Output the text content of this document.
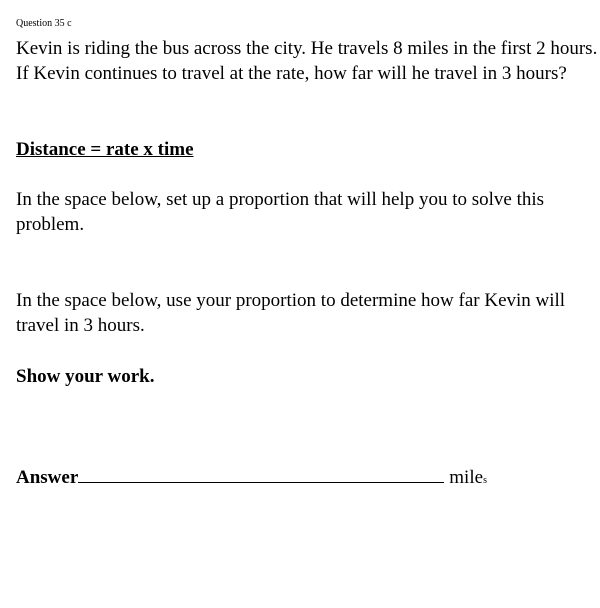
Question 35 c

Kevin is riding the bus across the city. He travels 8 miles in the first 2 hours. If Kevin continues to travel at the rate, how far will he travel in 3 hours?

Distance = rate x time

In the space below, set up a proportion that will help you to solve this problem.

In the space below, use your proportion to determine how far Kevin will travel in 3 hours.

Show your work.
Answer	miles
